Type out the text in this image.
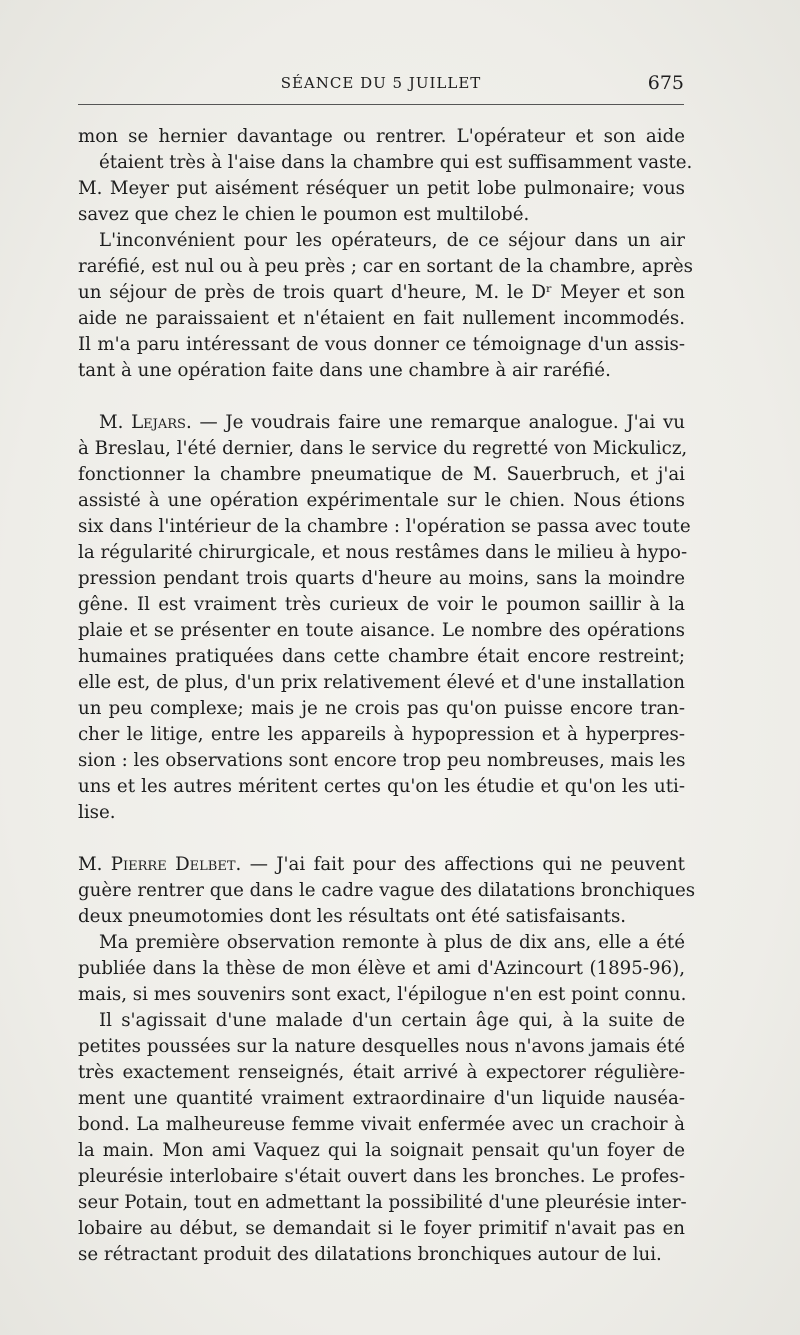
SÉANCE DU 5 JUILLET	675

mon se hernier davantage ou rentrer. L'opérateur et son aide
étaient très à l'aise dans la chambre qui est suffisamment vaste.
M. Meyer put aisément réséquer un petit lobe pulmonaire; vous
savez que chez le chien le poumon est multilobé.

L'inconvénient pour les opérateurs, de ce séjour dans un air
raréfié, est nul ou à peu près ; car en sortant de la chambre, après
un séjour de près de trois quart d'heure, M. le Dʳ Meyer et son
aide ne paraissaient et n'étaient en fait nullement incommodés.
Il m'a paru intéressant de vous donner ce témoignage d'un assis-
tant à une opération faite dans une chambre à air raréfié.

M. Lejars. — Je voudrais faire une remarque analogue. J'ai vu
à Breslau, l'été dernier, dans le service du regretté von Mickulicz,
fonctionner la chambre pneumatique de M. Sauerbruch, et j'ai
assisté à une opération expérimentale sur le chien. Nous étions
six dans l'intérieur de la chambre : l'opération se passa avec toute
la régularité chirurgicale, et nous restâmes dans le milieu à hypo-
pression pendant trois quarts d'heure au moins, sans la moindre
gêne. Il est vraiment très curieux de voir le poumon saillir à la
plaie et se présenter en toute aisance. Le nombre des opérations
humaines pratiquées dans cette chambre était encore restreint;
elle est, de plus, d'un prix relativement élevé et d'une installation
un peu complexe; mais je ne crois pas qu'on puisse encore tran-
cher le litige, entre les appareils à hypopression et à hyperpres-
sion : les observations sont encore trop peu nombreuses, mais les
uns et les autres méritent certes qu'on les étudie et qu'on les uti-
lise.

M. Pierre Delbet. — J'ai fait pour des affections qui ne peuvent
guère rentrer que dans le cadre vague des dilatations bronchiques
deux pneumotomies dont les résultats ont été satisfaisants.

Ma première observation remonte à plus de dix ans, elle a été
publiée dans la thèse de mon élève et ami d'Azincourt (1895-96),
mais, si mes souvenirs sont exact, l'épilogue n'en est point connu.

Il s'agissait d'une malade d'un certain âge qui, à la suite de
petites poussées sur la nature desquelles nous n'avons jamais été
très exactement renseignés, était arrivé à expectorer régulière-
ment une quantité vraiment extraordinaire d'un liquide nauséa-
bond. La malheureuse femme vivait enfermée avec un crachoir à
la main. Mon ami Vaquez qui la soignait pensait qu'un foyer de
pleurésie interlobaire s'était ouvert dans les bronches. Le profes-
seur Potain, tout en admettant la possibilité d'une pleurésie inter-
lobaire au début, se demandait si le foyer primitif n'avait pas en
se rétractant produit des dilatations bronchiques autour de lui.
